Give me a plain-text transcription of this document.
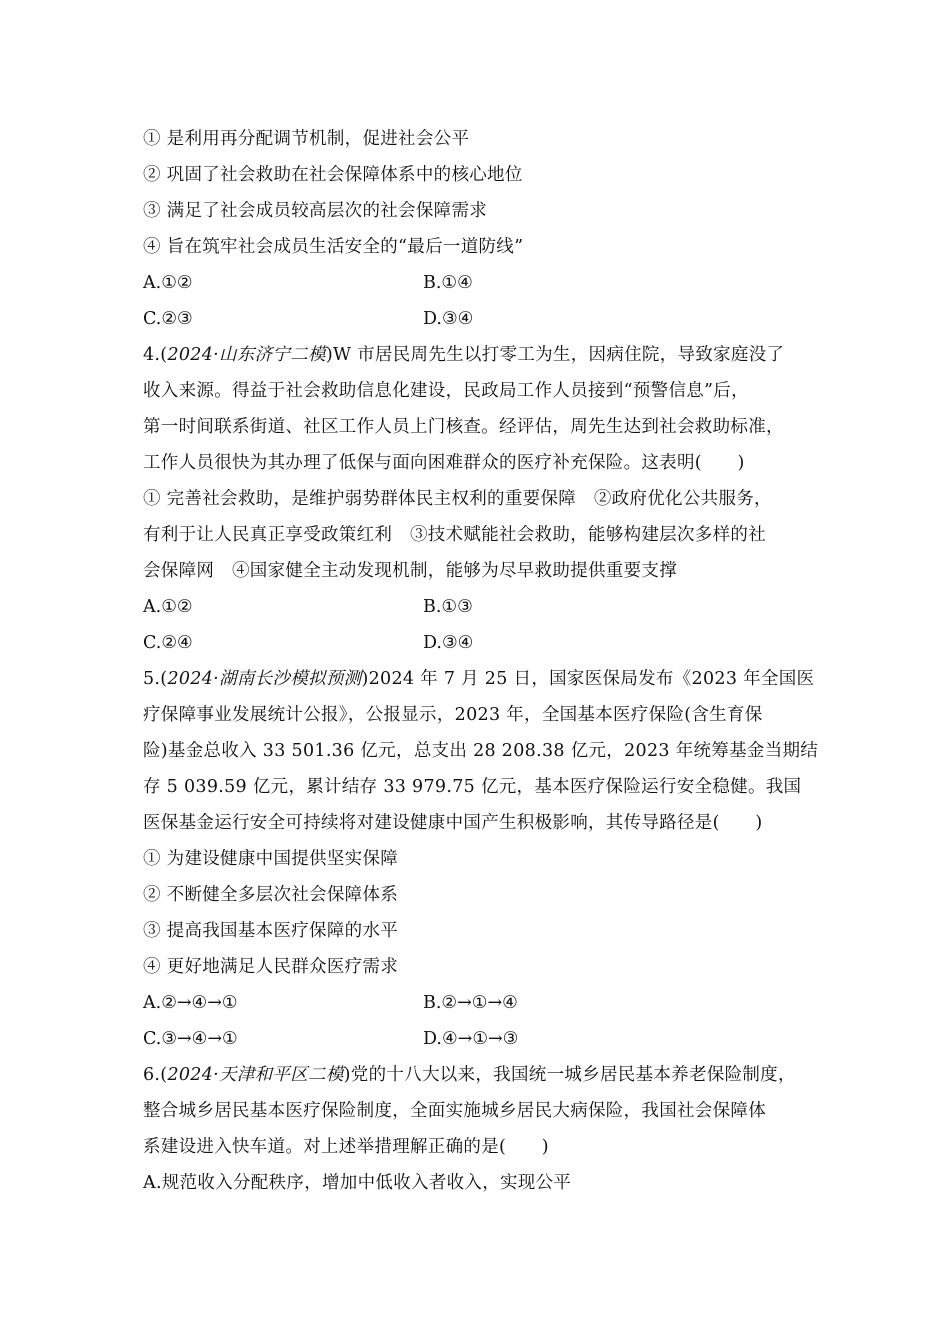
① 是利用再分配调节机制，促进社会公平
② 巩固了社会救助在社会保障体系中的核心地位
③ 满足了社会成员较高层次的社会保障需求
④ 旨在筑牢社会成员生活安全的“最后一道防线”
A.①②	B.①④
C.②③	D.③④
4.(2024·山东济宁二模)W 市居民周先生以打零工为生，因病住院，导致家庭没了
收入来源。得益于社会救助信息化建设，民政局工作人员接到“预警信息”后，
第一时间联系街道、社区工作人员上门核查。经评估，周先生达到社会救助标准，
工作人员很快为其办理了低保与面向困难群众的医疗补充保险。这表明(　　)
① 完善社会救助，是维护弱势群体民主权利的重要保障　②政府优化公共服务，
有利于让人民真正享受政策红利　③技术赋能社会救助，能够构建层次多样的社
会保障网　④国家健全主动发现机制，能够为尽早救助提供重要支撑
A.①②	B.①③
C.②④	D.③④
5.(2024·湖南长沙模拟预测)2024 年 7 月 25 日，国家医保局发布《2023 年全国医
疗保障事业发展统计公报》，公报显示，2023 年，全国基本医疗保险(含生育保
险)基金总收入 33 501.36 亿元，总支出 28 208.38 亿元，2023 年统筹基金当期结
存 5 039.59 亿元，累计结存 33 979.75 亿元，基本医疗保险运行安全稳健。我国
医保基金运行安全可持续将对建设健康中国产生积极影响，其传导路径是(　　)
① 为建设健康中国提供坚实保障
② 不断健全多层次社会保障体系
③ 提高我国基本医疗保障的水平
④ 更好地满足人民群众医疗需求
A.②→④→①	B.②→①→④
C.③→④→①	D.④→①→③
6.(2024·天津和平区二模)党的十八大以来，我国统一城乡居民基本养老保险制度，
整合城乡居民基本医疗保险制度，全面实施城乡居民大病保险，我国社会保障体
系建设进入快车道。对上述举措理解正确的是(　　)
A.规范收入分配秩序，增加中低收入者收入，实现公平
